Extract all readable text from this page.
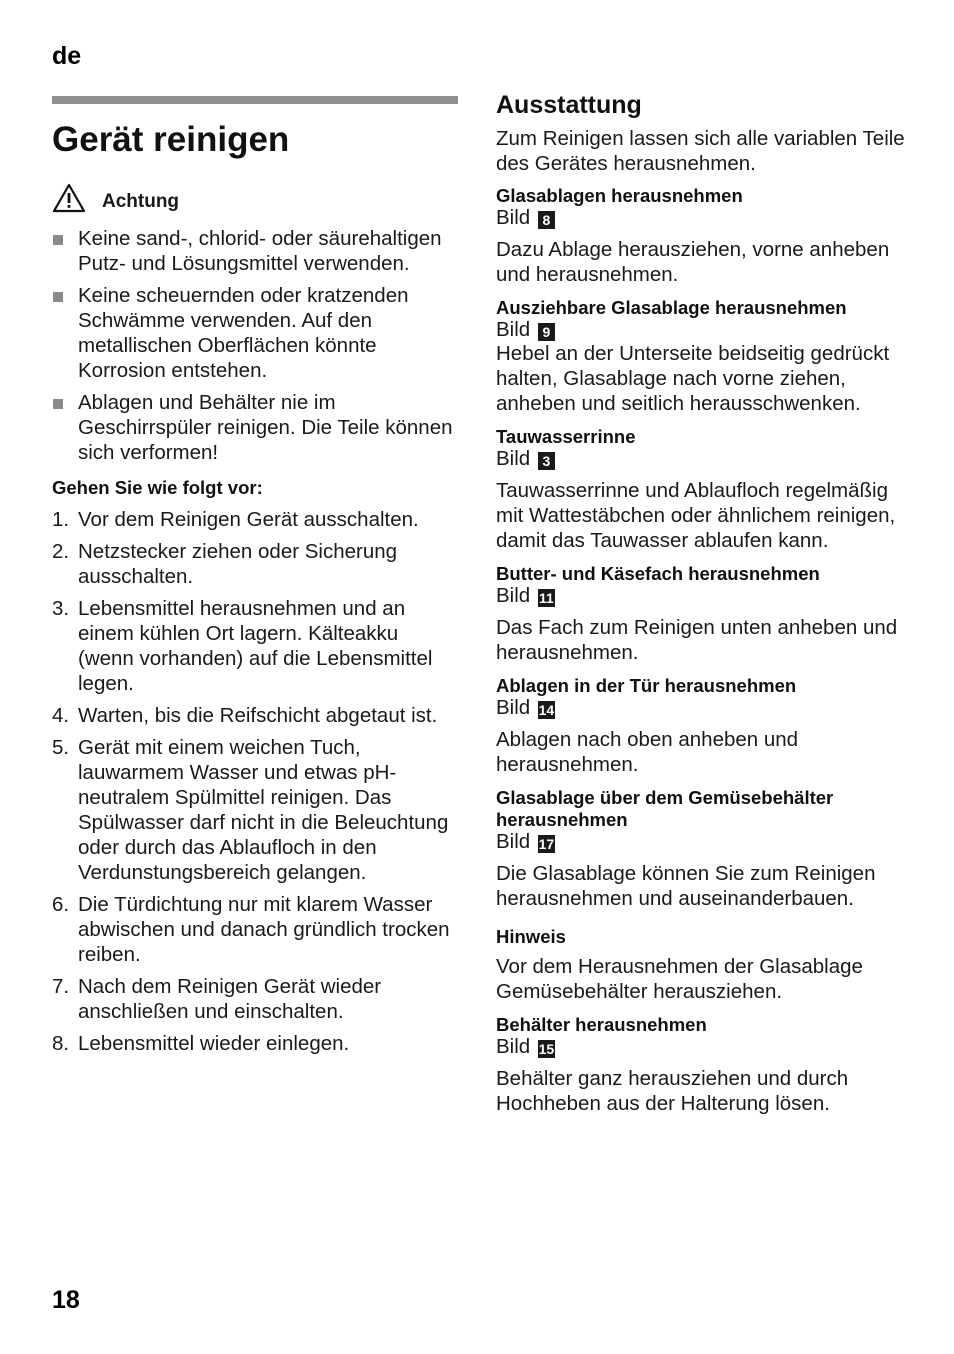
de
Gerät reinigen
Achtung
Keine sand-, chlorid- oder säurehaltigen Putz- und Lösungsmittel verwenden.
Keine scheuernden oder kratzenden Schwämme verwenden. Auf den metallischen Oberflächen könnte Korrosion entstehen.
Ablagen und Behälter nie im Geschirrspüler reinigen. Die Teile können sich verformen!
Gehen Sie wie folgt vor:
1. Vor dem Reinigen Gerät ausschalten.
2. Netzstecker ziehen oder Sicherung ausschalten.
3. Lebensmittel herausnehmen und an einem kühlen Ort lagern. Kälteakku (wenn vorhanden) auf die Lebensmittel legen.
4. Warten, bis die Reifschicht abgetaut ist.
5. Gerät mit einem weichen Tuch, lauwarmem Wasser und etwas pH-neutralem Spülmittel reinigen. Das Spülwasser darf nicht in die Beleuchtung oder durch das Ablaufloch in den Verdunstungsbereich gelangen.
6. Die Türdichtung nur mit klarem Wasser abwischen und danach gründlich trocken reiben.
7. Nach dem Reinigen Gerät wieder anschließen und einschalten.
8. Lebensmittel wieder einlegen.
Ausstattung
Zum Reinigen lassen sich alle variablen Teile des Gerätes herausnehmen.
Glasablagen herausnehmen
Bild 8
Dazu Ablage herausziehen, vorne anheben und herausnehmen.
Ausziehbare Glasablage herausnehmen
Bild 9
Hebel an der Unterseite beidseitig gedrückt halten, Glasablage nach vorne ziehen, anheben und seitlich herausschwenken.
Tauwasserrinne
Bild 3
Tauwasserrinne und Ablaufloch regelmäßig mit Wattestäbchen oder ähnlichem reinigen, damit das Tauwasser ablaufen kann.
Butter- und Käsefach herausnehmen
Bild 11
Das Fach zum Reinigen unten anheben und herausnehmen.
Ablagen in der Tür herausnehmen
Bild 14
Ablagen nach oben anheben und herausnehmen.
Glasablage über dem Gemüsebehälter herausnehmen
Bild 17
Die Glasablage können Sie zum Reinigen herausnehmen und auseinanderbauen.
Hinweis
Vor dem Herausnehmen der Glasablage Gemüsebehälter herausziehen.
Behälter herausnehmen
Bild 15
Behälter ganz herausziehen und durch Hochheben aus der Halterung lösen.
18
